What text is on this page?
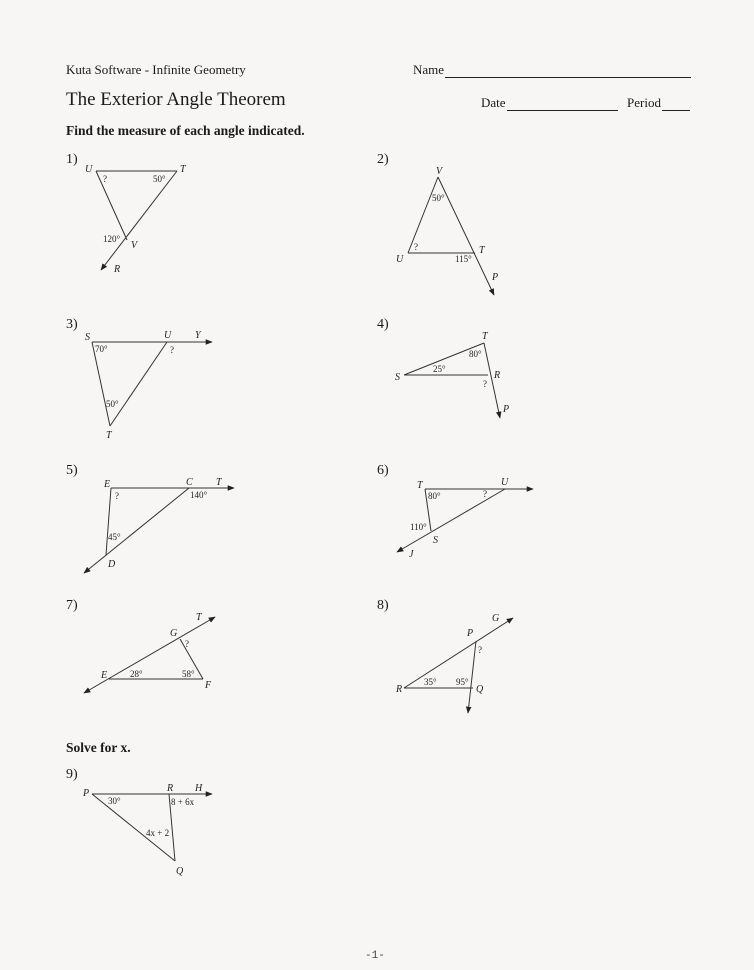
Kuta Software - Infinite Geometry
The Exterior Angle Theorem
Name
Date	Period
Find the measure of each angle indicated.
Solve for x.
1)	2)
3)	4)
5)	6)
7)	8)
9)
U	T
V
R
?	50°
120°
V
U
T
P
50°
?
115°
S	U Y
T
70°	?
50°
T
S	R
P
80°
25°
?
E	C T
D
?	140°
45°
T	U
S
J
80°	?
110°
T
G
E
F
?
28°	58°
G
P
R	Q
?
35° 95°
P	R H
Q
30°	8 + 6x
4x + 2
-1-
